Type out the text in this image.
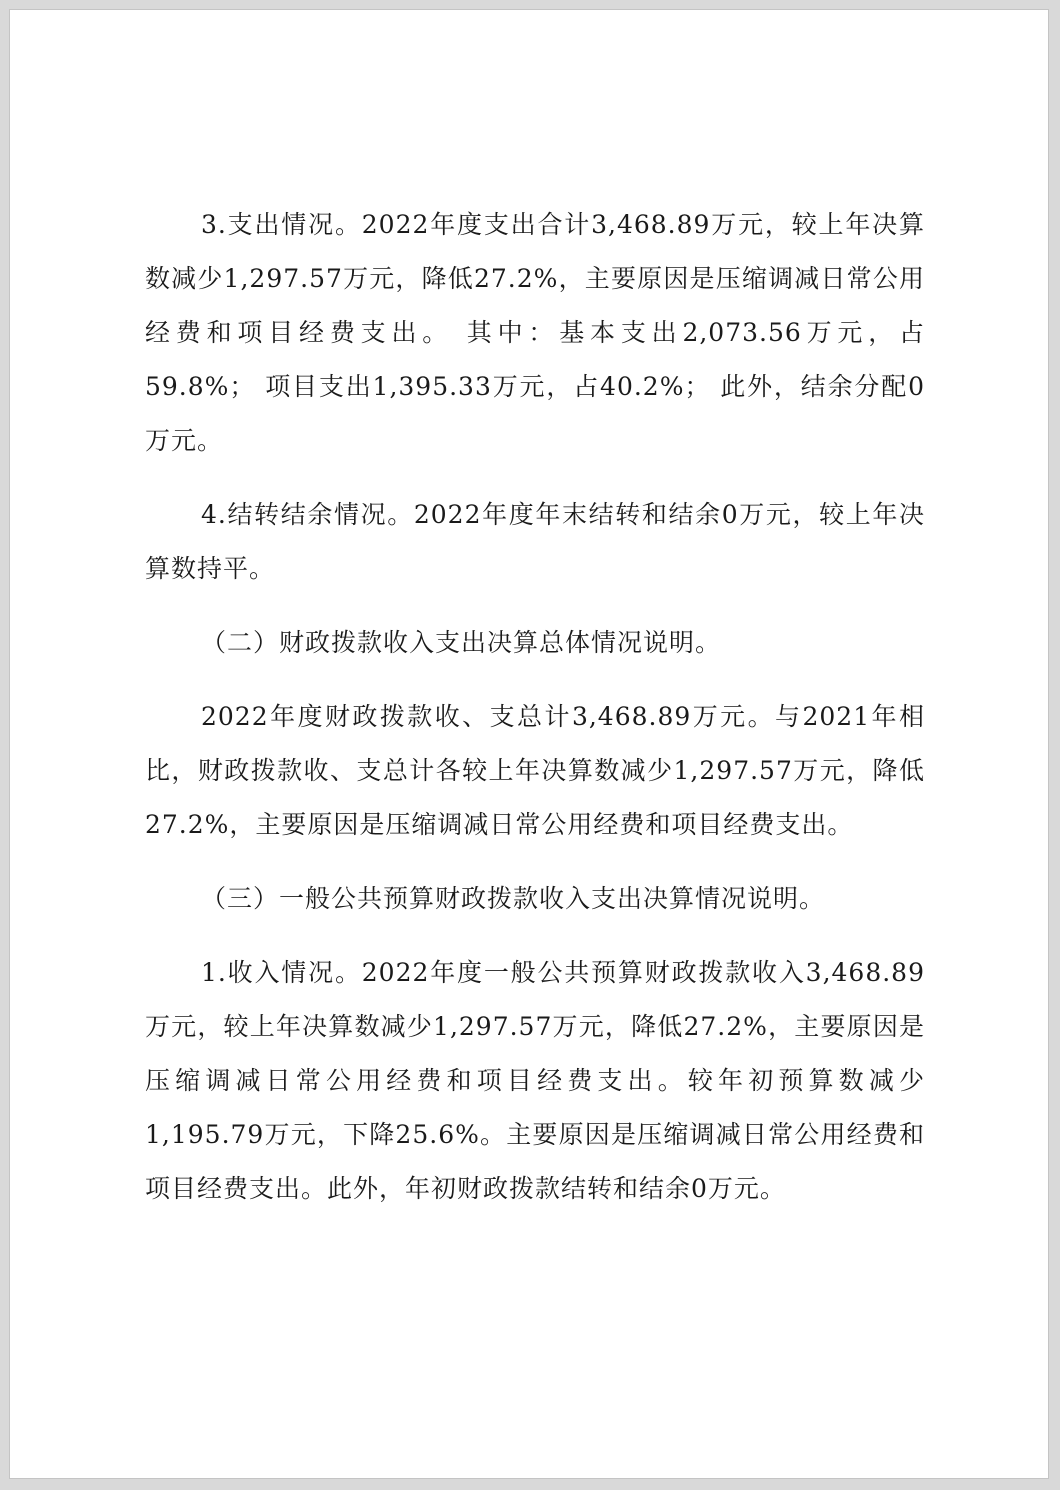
3.支出情况。2022年度支出合计3,468.89万元，较上年决算数减少1,297.57万元，降低27.2%，主要原因是压缩调减日常公用经费和项目经费支出。 其中：基本支出2,073.56万元，占59.8%； 项目支出1,395.33万元，占40.2%； 此外，结余分配0万元。

4.结转结余情况。2022年度年末结转和结余0万元，较上年决算数持平。

（二）财政拨款收入支出决算总体情况说明。

2022年度财政拨款收、支总计3,468.89万元。与2021年相比，财政拨款收、支总计各较上年决算数减少1,297.57万元，降低27.2%，主要原因是压缩调减日常公用经费和项目经费支出。

（三）一般公共预算财政拨款收入支出决算情况说明。

1.收入情况。2022年度一般公共预算财政拨款收入3,468.89万元，较上年决算数减少1,297.57万元，降低27.2%，主要原因是压缩调减日常公用经费和项目经费支出。较年初预算数减少1,195.79万元，下降25.6%。主要原因是压缩调减日常公用经费和项目经费支出。此外，年初财政拨款结转和结余0万元。
